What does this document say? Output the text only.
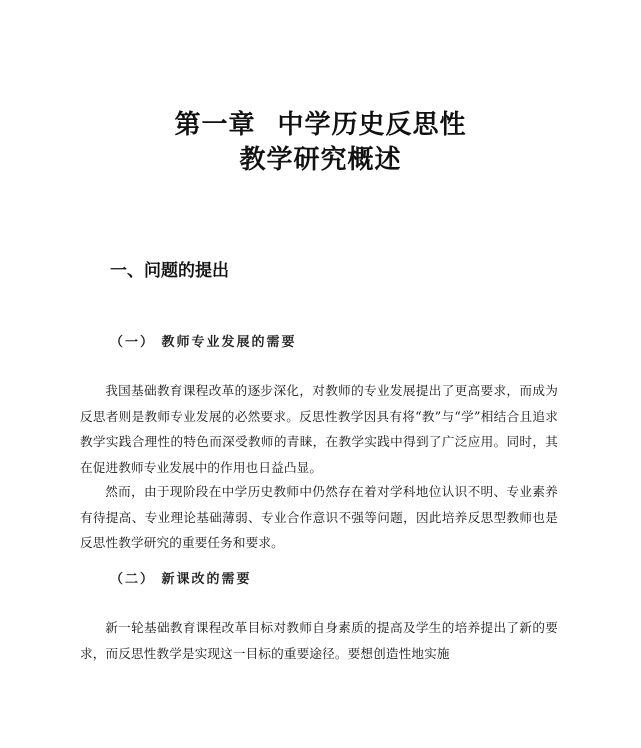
第一章 中学历史反思性
教学研究概述
一、问题的提出
（一） 教师专业发展的需要

我国基础教育课程改革的逐步深化，对教师的专业发展提出了更高要求，而成为反思者则是教师专业发展的必然要求。反思性教学因具有将“教”与“学”相结合且追求教学实践合理性的特色而深受教师的青睐，在教学实践中得到了广泛应用。同时，其在促进教师专业发展中的作用也日益凸显。

然而，由于现阶段在中学历史教师中仍然存在着对学科地位认识不明、专业素养有待提高、专业理论基础薄弱、专业合作意识不强等问题，因此培养反思型教师也是反思性教学研究的重要任务和要求。

（二） 新课改的需要

新一轮基础教育课程改革目标对教师自身素质的提高及学生的培养提出了新的要求，而反思性教学是实现这一目标的重要途径。要想创造性地实施
